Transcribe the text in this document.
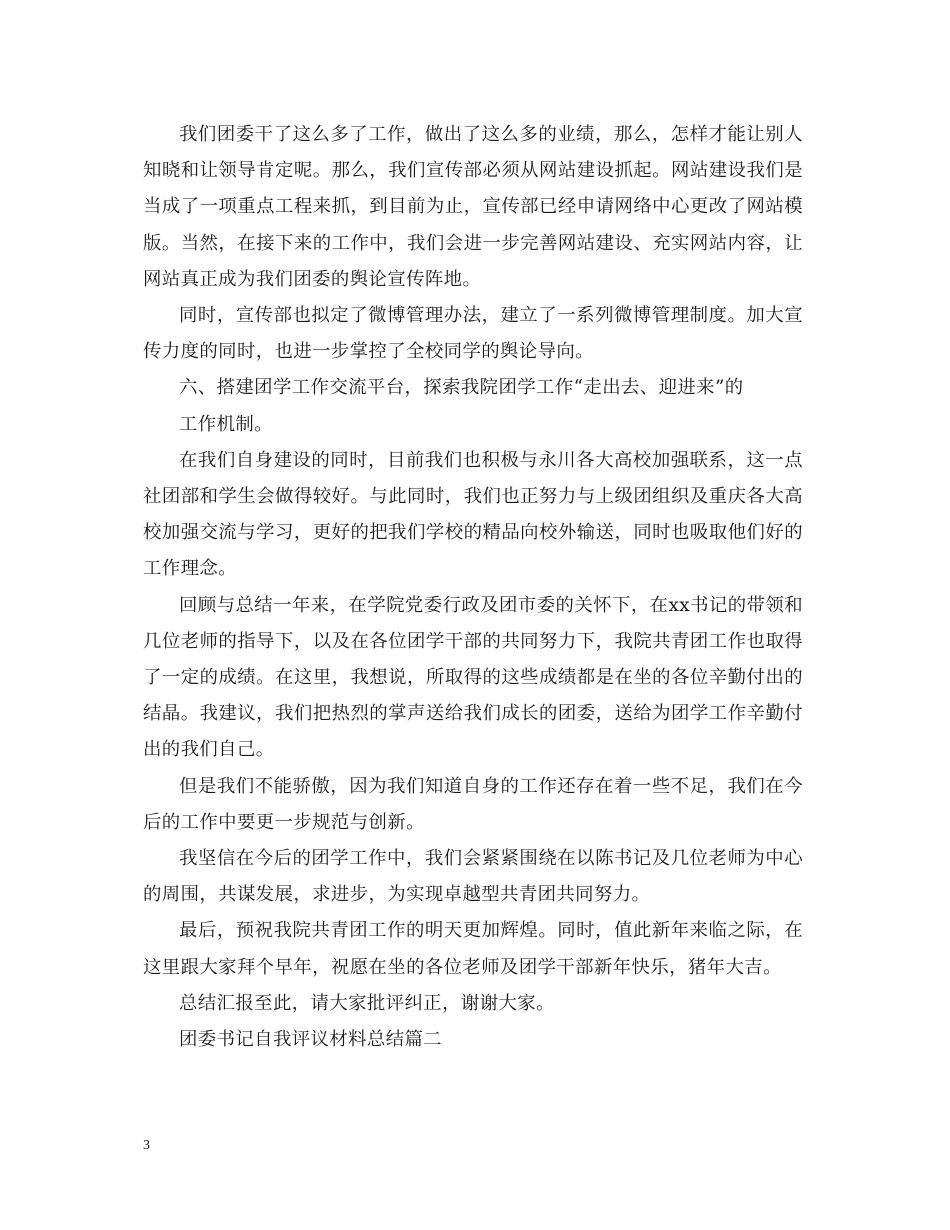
我们团委干了这么多了工作，做出了这么多的业绩，那么，怎样才能让别人知晓和让领导肯定呢。那么，我们宣传部必须从网站建设抓起。网站建设我们是当成了一项重点工程来抓，到目前为止，宣传部已经申请网络中心更改了网站模版。当然，在接下来的工作中，我们会进一步完善网站建设、充实网站内容，让网站真正成为我们团委的舆论宣传阵地。

同时，宣传部也拟定了微博管理办法，建立了一系列微博管理制度。加大宣传力度的同时，也进一步掌控了全校同学的舆论导向。

六、搭建团学工作交流平台，探索我院团学工作“走出去、迎进来”的

工作机制。

在我们自身建设的同时，目前我们也积极与永川各大高校加强联系，这一点社团部和学生会做得较好。与此同时，我们也正努力与上级团组织及重庆各大高校加强交流与学习，更好的把我们学校的精品向校外输送，同时也吸取他们好的工作理念。

回顾与总结一年来，在学院党委行政及团市委的关怀下，在xx书记的带领和几位老师的指导下，以及在各位团学干部的共同努力下，我院共青团工作也取得了一定的成绩。在这里，我想说，所取得的这些成绩都是在坐的各位辛勤付出的结晶。我建议，我们把热烈的掌声送给我们成长的团委，送给为团学工作辛勤付出的我们自己。

但是我们不能骄傲，因为我们知道自身的工作还存在着一些不足，我们在今后的工作中要更一步规范与创新。

我坚信在今后的团学工作中，我们会紧紧围绕在以陈书记及几位老师为中心的周围，共谋发展，求进步，为实现卓越型共青团共同努力。

最后，预祝我院共青团工作的明天更加辉煌。同时，值此新年来临之际，在这里跟大家拜个早年，祝愿在坐的各位老师及团学干部新年快乐，猪年大吉。

总结汇报至此，请大家批评纠正，谢谢大家。

团委书记自我评议材料总结篇二

3
